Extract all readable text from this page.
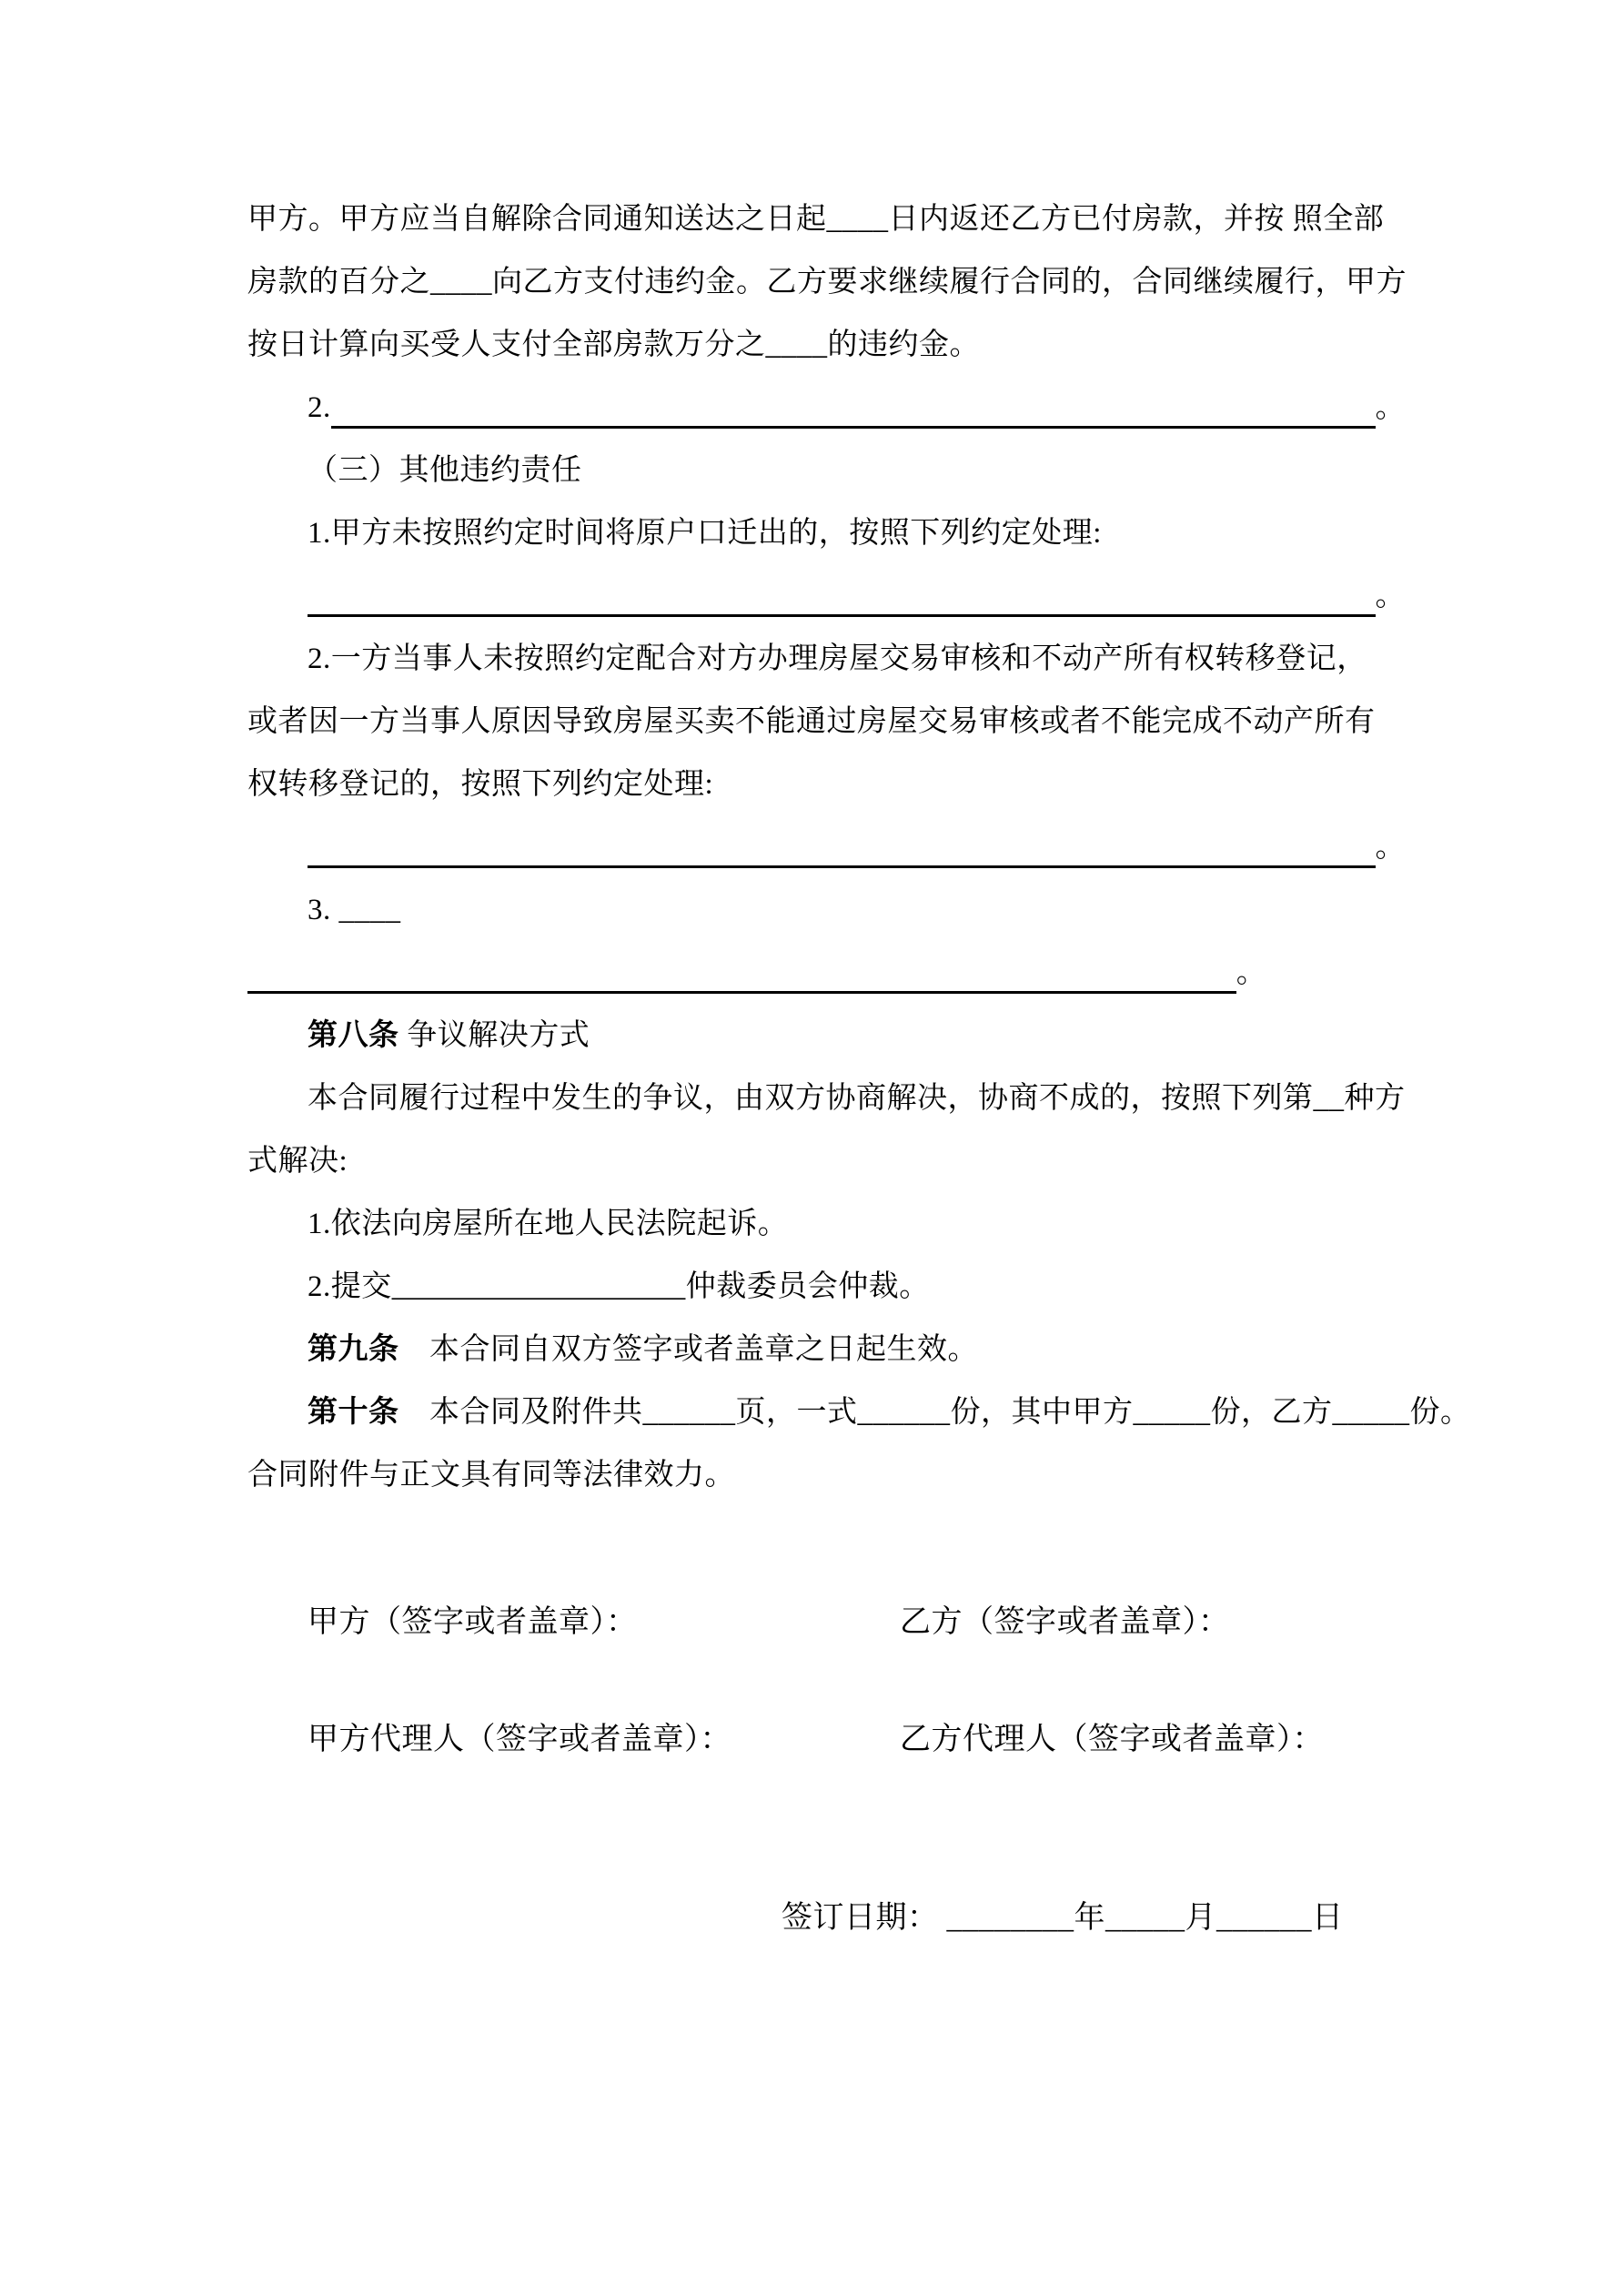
甲方。甲方应当自解除合同通知送达之日起____日内返还乙方已付房款，并按 照全部
房款的百分之____向乙方支付违约金。乙方要求继续履行合同的，合同继续履行，甲方
按日计算向买受人支付全部房款万分之____的违约金。
2.	。
（三）其他违约责任
1.甲方未按照约定时间将原户口迁出的，按照下列约定处理:
。
2.一方当事人未按照约定配合对方办理房屋交易审核和不动产所有权转移登记，
或者因一方当事人原因导致房屋买卖不能通过房屋交易审核或者不能完成不动产所有
权转移登记的，按照下列约定处理:
。
3. ____
。
第八条 争议解决方式
本合同履行过程中发生的争议，由双方协商解决，协商不成的，按照下列第__种方
式解决:
1.依法向房屋所在地人民法院起诉。
2.提交___________________仲裁委员会仲裁。
第九条　本合同自双方签字或者盖章之日起生效。
第十条　本合同及附件共______页，一式______份，其中甲方_____份，乙方_____份。
合同附件与正文具有同等法律效力。
甲方（签字或者盖章）：	乙方（签字或者盖章）：
甲方代理人（签字或者盖章）：	乙方代理人（签字或者盖章）：

签订日期： ________年_____月______日
